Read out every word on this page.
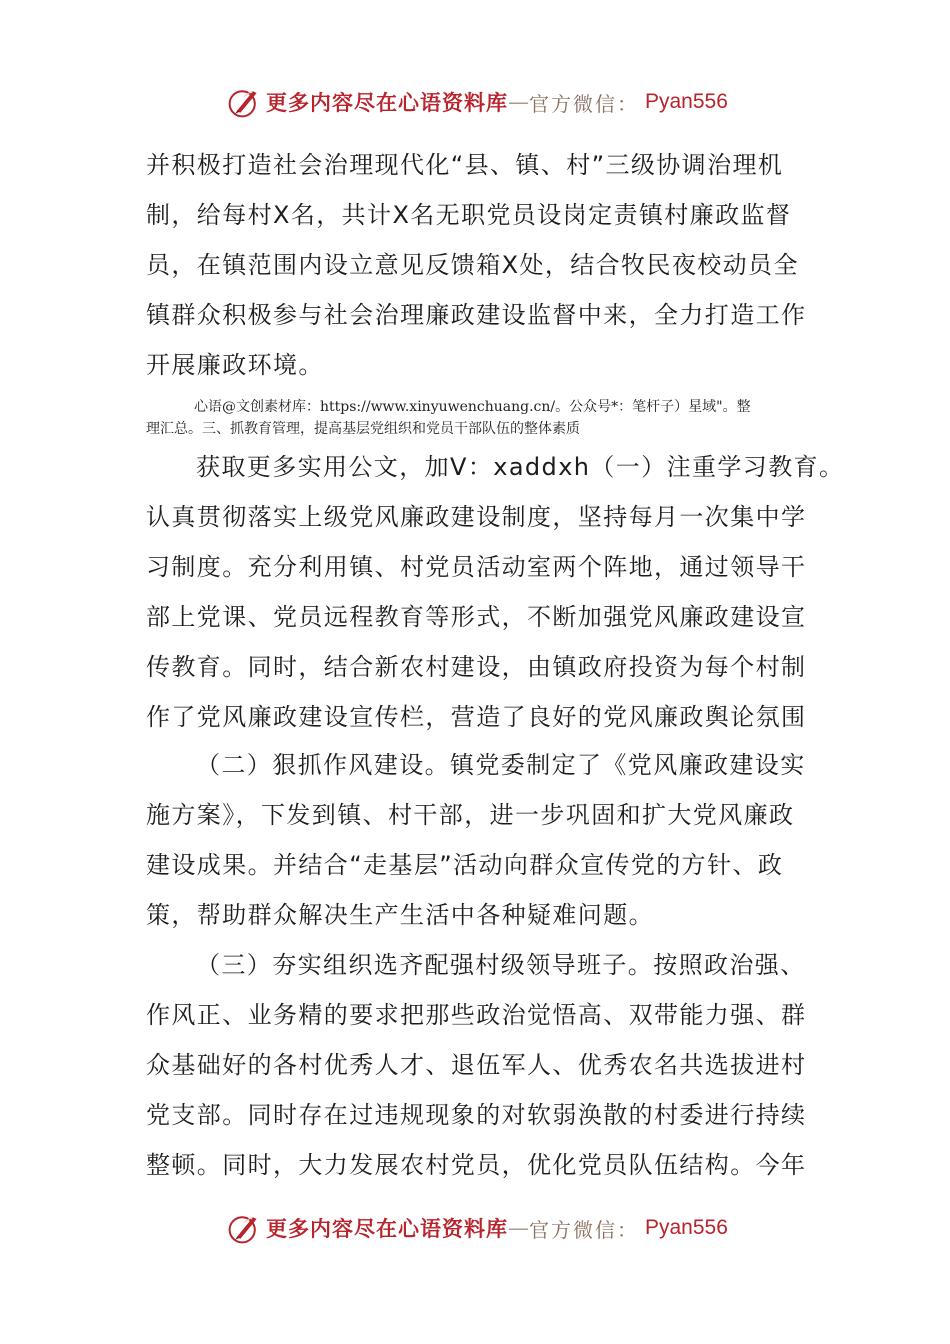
更多内容尽在心语资料库 — 官方微信： Pyan556
并积极打造社会治理现代化“县、镇、村”三级协调治理机
制，给每村X名，共计X名无职党员设岗定责镇村廉政监督
员，在镇范围内设立意见反馈箱X处，结合牧民夜校动员全
镇群众积极参与社会治理廉政建设监督中来，全力打造工作
开展廉政环境。
心语@文创素材库：https://www.xinyuwenchuang.cn/。公众号*：笔杆子）星域"。整
理汇总。三、抓教育管理，提高基层党组织和党员干部队伍的整体素质
获取更多实用公文，加V：xaddxh（一）注重学习教育。
认真贯彻落实上级党风廉政建设制度，坚持每月一次集中学
习制度。充分利用镇、村党员活动室两个阵地，通过领导干
部上党课、党员远程教育等形式，不断加强党风廉政建设宣
传教育。同时，结合新农村建设，由镇政府投资为每个村制
作了党风廉政建设宣传栏，营造了良好的党风廉政舆论氛围
（二）狠抓作风建设。镇党委制定了《党风廉政建设实
施方案》，下发到镇、村干部，进一步巩固和扩大党风廉政
建设成果。并结合“走基层”活动向群众宣传党的方针、政
策，帮助群众解决生产生活中各种疑难问题。
（三）夯实组织选齐配强村级领导班子。按照政治强、
作风正、业务精的要求把那些政治觉悟高、双带能力强、群
众基础好的各村优秀人才、退伍军人、优秀农名共选拔进村
党支部。同时存在过违规现象的对软弱涣散的村委进行持续
整顿。同时，大力发展农村党员，优化党员队伍结构。今年
更多内容尽在心语资料库 — 官方微信： Pyan556
